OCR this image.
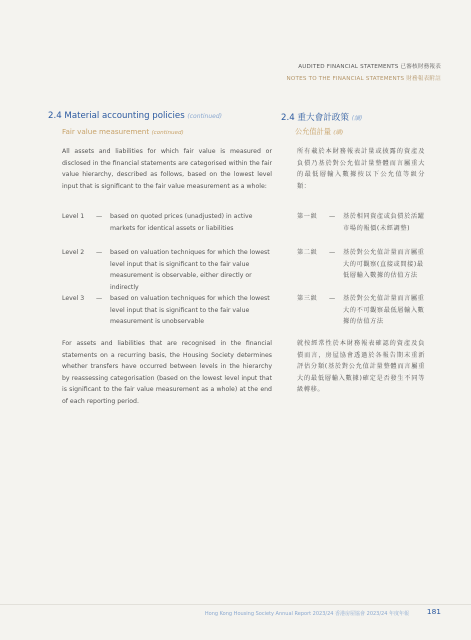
AUDITED FINANCIAL STATEMENTS 已審核財務報表
NOTES TO THE FINANCIAL STATEMENTS 財務報表附註
2.4 Material accounting policies (continued)
Fair value measurement (continued)
All assets and liabilities for which fair value is measured or disclosed in the financial statements are categorised within the fair value hierarchy, described as follows, based on the lowest level input that is significant to the fair value measurement as a whole:
Level 1 — based on quoted prices (unadjusted) in active markets for identical assets or liabilities
Level 2 — based on valuation techniques for which the lowest level input that is significant to the fair value measurement is observable, either directly or indirectly
Level 3 — based on valuation techniques for which the lowest level input that is significant to the fair value measurement is unobservable
For assets and liabilities that are recognised in the financial statements on a recurring basis, the Housing Society determines whether transfers have occurred between levels in the hierarchy by reassessing categorisation (based on the lowest level input that is significant to the fair value measurement as a whole) at the end of each reporting period.
2.4 重大會計政策 (續)
公允值計量 (續)
所有載於本財務報表計量或披露的資產及負債乃基於對公允值計量整體而言屬重大的最低層輸入數據按以下公允值等級分類：
第一級 — 基於相同資產或負債於活躍市場的報價(未經調整)
第二級 — 基於對公允值計量而言屬重大的可觀察(直接或間接)最低層輸入數據的估值方法
第三級 — 基於對公允值計量而言屬重大的不可觀察最低層輸入數據的估值方法
就按經常性於本財務報表確認的資產及負債而言，房屋協會透過於各報告期末重新評估分類(基於對公允值計量整體而言屬重大的最低層輸入數據)確定是否發生不同等級轉移。
Hong Kong Housing Society Annual Report 2023/24 香港房屋協會 2023/24 年度年報 181
